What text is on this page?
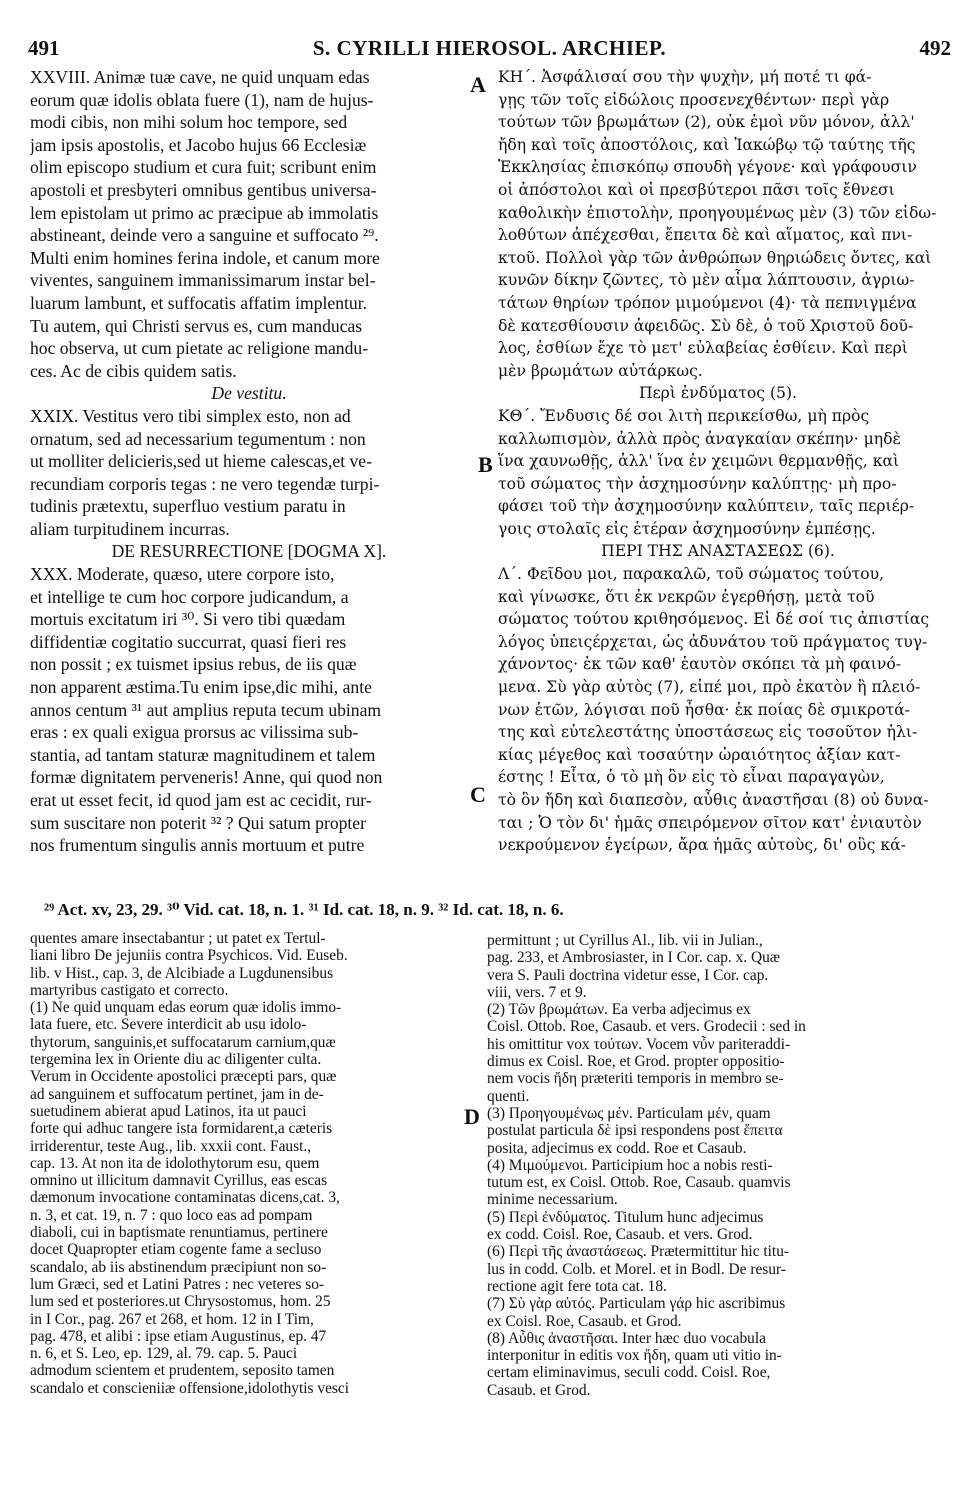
491	S. CYRILLI HIEROSOL. ARCHIEP.	492

XXVIII. Animæ tuæ cave, ne quid unquam edas
eorum quæ idolis oblata fuere (1), nam de hujus-
modi cibis, non mihi solum hoc tempore, sed
jam ipsis apostolis, et Jacobo hujus 66 Ecclesiæ
olim episcopo studium et cura fuit; scribunt enim
apostoli et presbyteri omnibus gentibus universa-
lem epistolam ut primo ac præcipue ab immolatis
abstineant, deinde vero a sanguine et suffocato ²⁹.
Multi enim homines ferina indole, et canum more
viventes, sanguinem immanissimarum instar bel-
luarum lambunt, et suffocatis affatim implentur.
Tu autem, qui Christi servus es, cum manducas
hoc observa, ut cum pietate ac religione mandu-
ces. Ac de cibis quidem satis.

De vestitu.

XXIX. Vestitus vero tibi simplex esto, non ad
ornatum, sed ad necessarium tegumentum : non
ut molliter delicieris,sed ut hieme calescas,et ve-
recundiam corporis tegas : ne vero tegendæ turpi-
tudinis prætextu, superfluo vestium paratu in
aliam turpitudinem incurras.

DE RESURRECTIONE [DOGMA X].

XXX. Moderate, quæso, utere corpore isto,
et intellige te cum hoc corpore judicandum, a
mortuis excitatum iri ³⁰. Si vero tibi quædam
diffidentiæ cogitatio succurrat, quasi fieri res
non possit ; ex tuismet ipsius rebus, de iis quæ
non apparent æstima.Tu enim ipse,dic mihi, ante
annos centum ³¹ aut amplius reputa tecum ubinam
eras : ex quali exigua prorsus ac vilissima sub-
stantia, ad tantam staturæ magnitudinem et talem
formæ dignitatem perveneris! Anne, qui quod non
erat ut esset fecit, id quod jam est ac cecidit, rur-
sum suscitare non poterit ³² ? Qui satum propter
nos frumentum singulis annis mortuum et putre

A
B
C
D

ΚΗ΄. Ἀσφάλισαί σου τὴν ψυχὴν, μή ποτέ τι φά-
γῃς τῶν τοῖς εἰδώλοις προσενεχθέντων· περὶ γὰρ
τούτων τῶν βρωμάτων (2), οὐκ ἐμοὶ νῦν μόνον, ἀλλ'
ἤδη καὶ τοῖς ἀποστόλοις, καὶ Ἰακώβῳ τῷ ταύτης τῆς
Ἐκκλησίας ἐπισκόπῳ σπουδὴ γέγονε· καὶ γράφουσιν
οἱ ἀπόστολοι καὶ οἱ πρεσβύτεροι πᾶσι τοῖς ἔθνεσι
καθολικὴν ἐπιστολὴν, προηγουμένως μὲν (3) τῶν εἰδω-
λοθύτων ἀπέχεσθαι, ἔπειτα δὲ καὶ αἵματος, καὶ πνι-
κτοῦ. Πολλοὶ γὰρ τῶν ἀνθρώπων θηριώδεις ὄντες, καὶ
κυνῶν δίκην ζῶντες, τὸ μὲν αἷμα λάπτουσιν, ἀγριω-
τάτων θηρίων τρόπον μιμούμενοι (4)· τὰ πεπνιγμένα
δὲ κατεσθίουσιν ἀφειδῶς. Σὺ δὲ, ὁ τοῦ Χριστοῦ δοῦ-
λος, ἐσθίων ἔχε τὸ μετ' εὐλαβείας ἐσθίειν. Καὶ περὶ
μὲν βρωμάτων αὐτάρκως.

Περὶ ἐνδύματος (5).

ΚΘ΄. Ἔνδυσις δέ σοι λιτὴ περικείσθω, μὴ πρὸς
καλλωπισμὸν, ἀλλὰ πρὸς ἀναγκαίαν σκέπην· μηδὲ
ἵνα χαυνωθῇς, ἀλλ' ἵνα ἐν χειμῶνι θερμανθῇς, καὶ
τοῦ σώματος τὴν ἀσχημοσύνην καλύπτῃς· μὴ προ-
φάσει τοῦ τὴν ἀσχημοσύνην καλύπτειν, ταῖς περιέρ-
γοις στολαῖς εἰς ἑτέραν ἀσχημοσύνην ἐμπέσῃς.

ΠΕΡΙ ΤΗΣ ΑΝΑΣΤΑΣΕΩΣ (6).

Λ΄. Φεῖδου μοι, παρακαλῶ, τοῦ σώματος τούτου,
καὶ γίνωσκε, ὅτι ἐκ νεκρῶν ἐγερθήσῃ, μετὰ τοῦ
σώματος τούτου κριθησόμενος. Εἰ δέ σοί τις ἀπιστίας
λόγος ὑπειςέρχεται, ὡς ἀδυνάτου τοῦ πράγματος τυγ-
χάνοντος· ἐκ τῶν καθ' ἑαυτὸν σκόπει τὰ μὴ φαινό-
μενα. Σὺ γὰρ αὐτὸς (7), εἰπέ μοι, πρὸ ἑκατὸν ἢ πλειό-
νων ἐτῶν, λόγισαι ποῦ ἦσθα· ἐκ ποίας δὲ σμικροτά-
της καὶ εὐτελεστάτης ὑποστάσεως εἰς τοσοῦτον ἡλι-
κίας μέγεθος καὶ τοσαύτην ὡραιότητος ἀξίαν κατ-
έστης ! Εἶτα, ὁ τὸ μὴ ὂν εἰς τὸ εἶναι παραγαγὼν,
τὸ ὂν ἤδη καὶ διαπεσὸν, αὖθις ἀναστῆσαι (8) οὐ δυνα-
ται ; Ὁ τὸν δι' ἡμᾶς σπειρόμενον σῖτον κατ' ἐνιαυτὸν
νεκρούμενον ἐγείρων, ἄρα ἡμᾶς αὐτοὺς, δι' οὓς κά-

²⁹ Act. xv, 23, 29. ³⁰ Vid. cat. 18, n. 1. ³¹ Id. cat. 18, n. 9. ³² Id. cat. 18, n. 6.

quentes amare insectabantur ; ut patet ex Tertul-
liani libro De jejuniis contra Psychicos. Vid. Euseb.
lib. v Hist., cap. 3, de Alcibiade a Lugdunensibus
martyribus castigato et correcto.

(1) Ne quid unquam edas eorum quæ idolis immo-
lata fuere, etc. Severe interdicit ab usu idolo-
thytorum, sanguinis,et suffocatarum carnium,quæ
tergemina lex in Oriente diu ac diligenter culta.
Verum in Occidente apostolici præcepti pars, quæ
ad sanguinem et suffocatum pertinet, jam in de-
suetudinem abierat apud Latinos, ita ut pauci
forte qui adhuc tangere ista formidarent,a cæteris
irriderentur, teste Aug., lib. xxxii cont. Faust.,
cap. 13. At non ita de idolothytorum esu, quem
omnino ut illicitum damnavit Cyrillus, eas escas
dæmonum invocatione contaminatas dicens,cat. 3,
n. 3, et cat. 19, n. 7 : quo loco eas ad pompam
diaboli, cui in baptismate renuntiamus, pertinere
docet Quapropter etiam cogente fame a secluso
scandalo, ab iis abstinendum præcipiunt non so-
lum Græci, sed et Latini Patres : nec veteres so-
lum sed et posteriores.ut Chrysostomus, hom. 25
in I Cor., pag. 267 et 268, et hom. 12 in I Tim,
pag. 478, et alibi : ipse etiam Augustinus, ep. 47
n. 6, et S. Leo, ep. 129, al. 79. cap. 5. Pauci
admodum scientem et prudentem, seposito tamen
scandalo et conscieniiæ offensione,idolothytis vesci

permittunt ; ut Cyrillus Al., lib. vii in Julian.,
pag. 233, et Ambrosiaster, in I Cor. cap. x. Quæ
vera S. Pauli doctrina videtur esse, I Cor. cap.
viii, vers. 7 et 9.

(2) Τῶν βρωμάτων. Ea verba adjecimus ex
Coisl. Ottob. Roe, Casaub. et vers. Grodecii : sed in
his omittitur vox τούτων. Vocem vὖν pariteraddi-
dimus ex Coisl. Roe, et Grod. propter oppositio-
nem vocis ἤδη præteriti temporis in membro se-
quenti.

(3) Προηγουμένως μέν. Particulam μέν, quam
postulat particula δὲ ipsi respondens post ἔπειτα
posita, adjecimus ex codd. Roe et Casaub.

(4) Μιμούμενοι. Participium hoc a nobis resti-
tutum est, ex Coisl. Ottob. Roe, Casaub. quamvis
minime necessarium.

(5) Περὶ ἐνδύματος. Titulum hunc adjecimus
ex codd. Coisl. Roe, Casaub. et vers. Grod.

(6) Περὶ τῆς ἀναστάσεως. Prætermittitur hic titu-
lus in codd. Colb. et Morel. et in Bodl. De resur-
rectione agit fere tota cat. 18.

(7) Σὺ γὰρ αὐτός. Particulam γάρ hic ascribimus
ex Coisl. Roe, Casaub. et Grod.

(8) Αὖθις ἀναστῆσαι. Inter hæc duo vocabula
interponitur in editis vox ἤδη, quam uti vitio in-
certam eliminavimus, seculi codd. Coisl. Roe,
Casaub. et Grod.
